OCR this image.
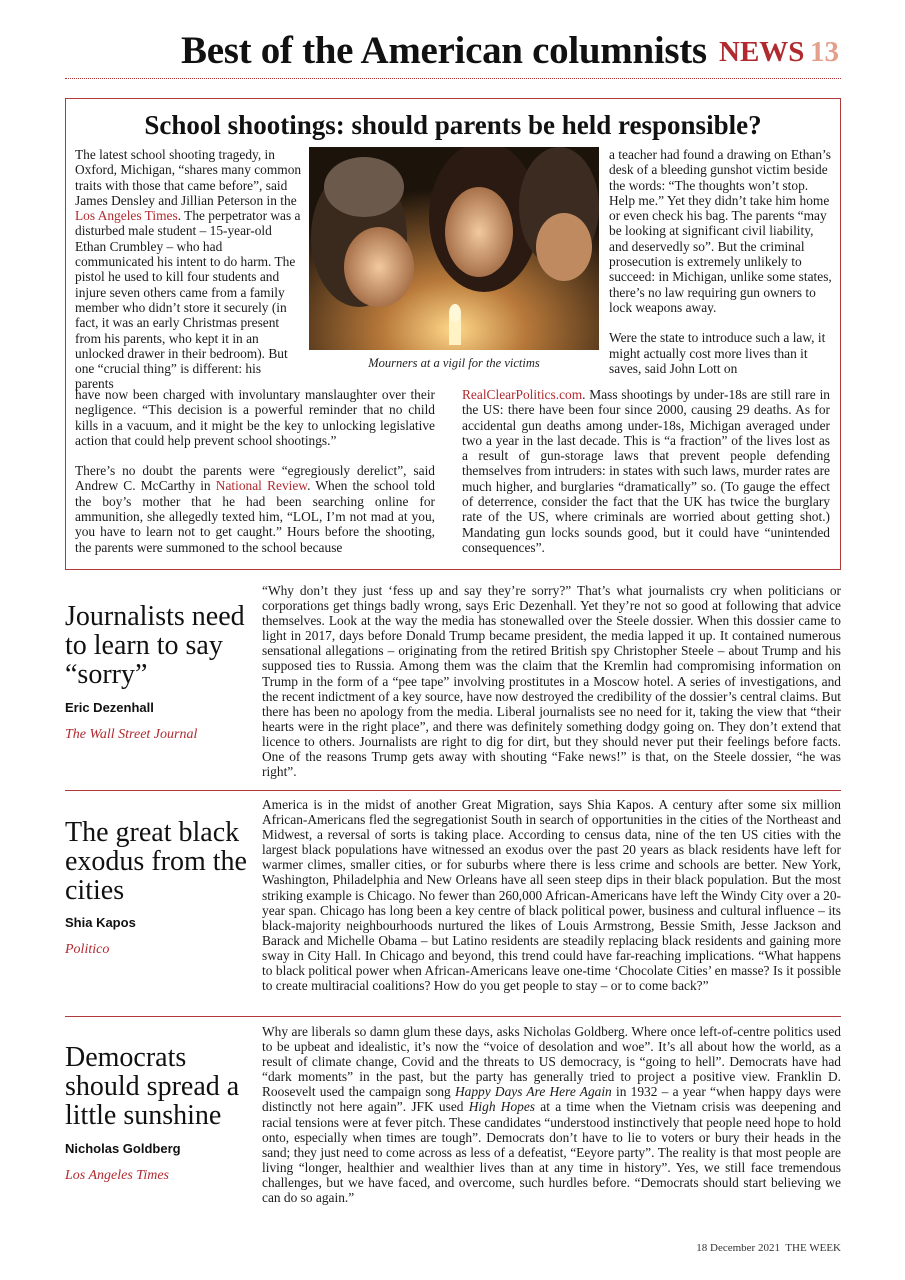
Best of the American columnists NEWS 13
School shootings: should parents be held responsible?
The latest school shooting tragedy, in Oxford, Michigan, “shares many common traits with those that came before”, said James Densley and Jillian Peterson in the Los Angeles Times. The perpetrator was a disturbed male student – 15-year-old Ethan Crumbley – who had communicated his intent to do harm. The pistol he used to kill four students and injure seven others came from a family member who didn’t store it securely (in fact, it was an early Christmas present from his parents, who kept it in an unlocked drawer in their bedroom). But one “crucial thing” is different: his parents

have now been charged with involuntary manslaughter over their negligence. “This decision is a powerful reminder that no child kills in a vacuum, and it might be the key to unlocking legislative action that could help prevent school shootings.”

There’s no doubt the parents were “egregiously derelict”, said Andrew C. McCarthy in National Review. When the school told the boy’s mother that he had been searching online for ammunition, she allegedly texted him, “LOL, I’m not mad at you, you have to learn not to get caught.” Hours before the shooting, the parents were summoned to the school because

Mourners at a vigil for the victims

a teacher had found a drawing on Ethan’s desk of a bleeding gunshot victim beside the words: “The thoughts won’t stop. Help me.” Yet they didn’t take him home or even check his bag. The parents “may be looking at significant civil liability, and deservedly so”. But the criminal prosecution is extremely unlikely to succeed: in Michigan, unlike some states, there’s no law requiring gun owners to lock weapons away.

Were the state to introduce such a law, it might actually cost more lives than it saves, said John Lott on

RealClearPolitics.com. Mass shootings by under-18s are still rare in the US: there have been four since 2000, causing 29 deaths. As for accidental gun deaths among under-18s, Michigan averaged under two a year in the last decade. This is “a fraction” of the lives lost as a result of gun-storage laws that prevent people defending themselves from intruders: in states with such laws, murder rates are much higher, and burglaries “dramatically” so. (To gauge the effect of deterrence, consider the fact that the UK has twice the burglary rate of the US, where criminals are worried about getting shot.) Mandating gun locks sounds good, but it could have “unintended consequences”.
Journalists need to learn to say “sorry”
Eric Dezenhall
The Wall Street Journal
“Why don’t they just ‘fess up and say they’re sorry?” That’s what journalists cry when politicians or corporations get things badly wrong, says Eric Dezenhall. Yet they’re not so good at following that advice themselves. Look at the way the media has stonewalled over the Steele dossier. When this dossier came to light in 2017, days before Donald Trump became president, the media lapped it up. It contained numerous sensational allegations – originating from the retired British spy Christopher Steele – about Trump and his supposed ties to Russia. Among them was the claim that the Kremlin had compromising information on Trump in the form of a “pee tape” involving prostitutes in a Moscow hotel. A series of investigations, and the recent indictment of a key source, have now destroyed the credibility of the dossier’s central claims. But there has been no apology from the media. Liberal journalists see no need for it, taking the view that “their hearts were in the right place”, and there was definitely something dodgy going on. They don’t extend that licence to others. Journalists are right to dig for dirt, but they should never put their feelings before facts. One of the reasons Trump gets away with shouting “Fake news!” is that, on the Steele dossier, “he was right”.
The great black exodus from the cities
Shia Kapos
Politico
America is in the midst of another Great Migration, says Shia Kapos. A century after some six million African-Americans fled the segregationist South in search of opportunities in the cities of the Northeast and Midwest, a reversal of sorts is taking place. According to census data, nine of the ten US cities with the largest black populations have witnessed an exodus over the past 20 years as black residents have left for warmer climes, smaller cities, or for suburbs where there is less crime and schools are better. New York, Washington, Philadelphia and New Orleans have all seen steep dips in their black population. But the most striking example is Chicago. No fewer than 260,000 African-Americans have left the Windy City over a 20-year span. Chicago has long been a key centre of black political power, business and cultural influence – its black-majority neighbourhoods nurtured the likes of Louis Armstrong, Bessie Smith, Jesse Jackson and Barack and Michelle Obama – but Latino residents are steadily replacing black residents and gaining more sway in City Hall. In Chicago and beyond, this trend could have far-reaching implications. “What happens to black political power when African-Americans leave one-time ‘Chocolate Cities’ en masse? Is it possible to create multiracial coalitions? How do you get people to stay – or to come back?”
Democrats should spread a little sunshine
Nicholas Goldberg
Los Angeles Times
Why are liberals so damn glum these days, asks Nicholas Goldberg. Where once left-of-centre politics used to be upbeat and idealistic, it’s now the “voice of desolation and woe”. It’s all about how the world, as a result of climate change, Covid and the threats to US democracy, is “going to hell”. Democrats have had “dark moments” in the past, but the party has generally tried to project a positive view. Franklin D. Roosevelt used the campaign song Happy Days Are Here Again in 1932 – a year “when happy days were distinctly not here again”. JFK used High Hopes at a time when the Vietnam crisis was deepening and racial tensions were at fever pitch. These candidates “understood instinctively that people need hope to hold onto, especially when times are tough”. Democrats don’t have to lie to voters or bury their heads in the sand; they just need to come across as less of a defeatist, “Eeyore party”. The reality is that most people are living “longer, healthier and wealthier lives than at any time in history”. Yes, we still face tremendous challenges, but we have faced, and overcome, such hurdles before. “Democrats should start believing we can do so again.”
18 December 2021 THE WEEK
